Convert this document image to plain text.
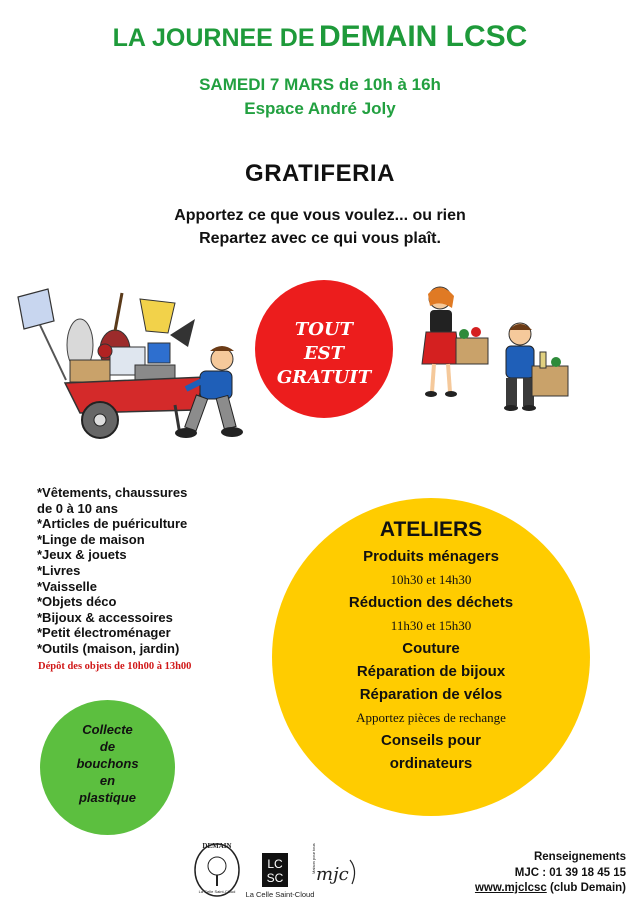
LA JOURNEE DE DEMAIN LCSC
SAMEDI 7 MARS de 10h à 16h
Espace André Joly
GRATIFERIA
Apportez ce que vous voulez... ou rien
Repartez avec ce qui vous plaît.
TOUT
EST
GRATUIT
*Vêtements, chaussures
de 0 à 10 ans
*Articles de puériculture
*Linge de maison
*Jeux & jouets
*Livres
*Vaisselle
*Objets déco
*Bijoux & accessoires
*Petit électroménager
*Outils (maison, jardin)
Dépôt des objets de 10h00 à 13h00
ATELIERS
Produits ménagers
10h30 et 14h30
Réduction des déchets
11h30 et 15h30
Couture
Réparation de bijoux
Réparation de vélos
Apportez pièces de rechange
Conseils pour
ordinateurs
Collecte
de
bouchons
en
plastique
DEMAIN
La Celle Saint-Cloud
LC
SC
La Celle Saint-Cloud
mjc
Maison pour tous	Renseignements
MJC : 01 39 18 45 15
www.mjclcsc (club Demain)
